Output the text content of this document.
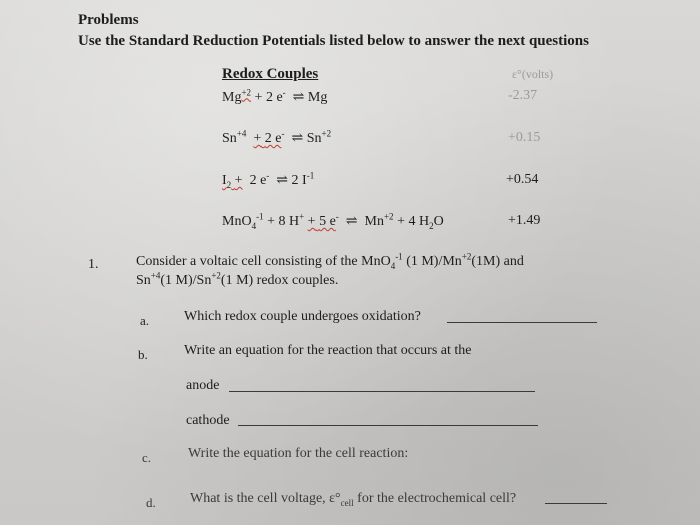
Problems
Use the Standard Reduction Potentials listed below to answer the next questions
Redox Couples	ε°(volts)
$Mg^{+2} + 2$ e- ⇌ Mg	-2.37
$Sn^{+4} + 2$ e- ⇌ $Sn^{+2}$	+0.15
$I_2 + 2$ e- ⇌ 2 $I^{-1}$	+0.54
MnO$_4^{-1}$ + 8 H+ + 5 e- ⇌ $Mn^{+2} + 4$ $H_2O$	+1.49
1.	Consider a voltaic cell consisting of the MnO$_4^{-1}$ (1 $M)/Mn^{+2}(1M)$ and
$Sn^{+4}(1$ $M)/Sn^{+2}(1$ M) redox couples.
a. Which redox couple undergoes oxidation?
b.	Write an equation for the reaction that occurs at the
anode
cathode
c.	Write the equation for the cell reaction:
d. What is the cell voltage, $\varepsilon^\circ_{cell}$ for the electrochemical cell?
